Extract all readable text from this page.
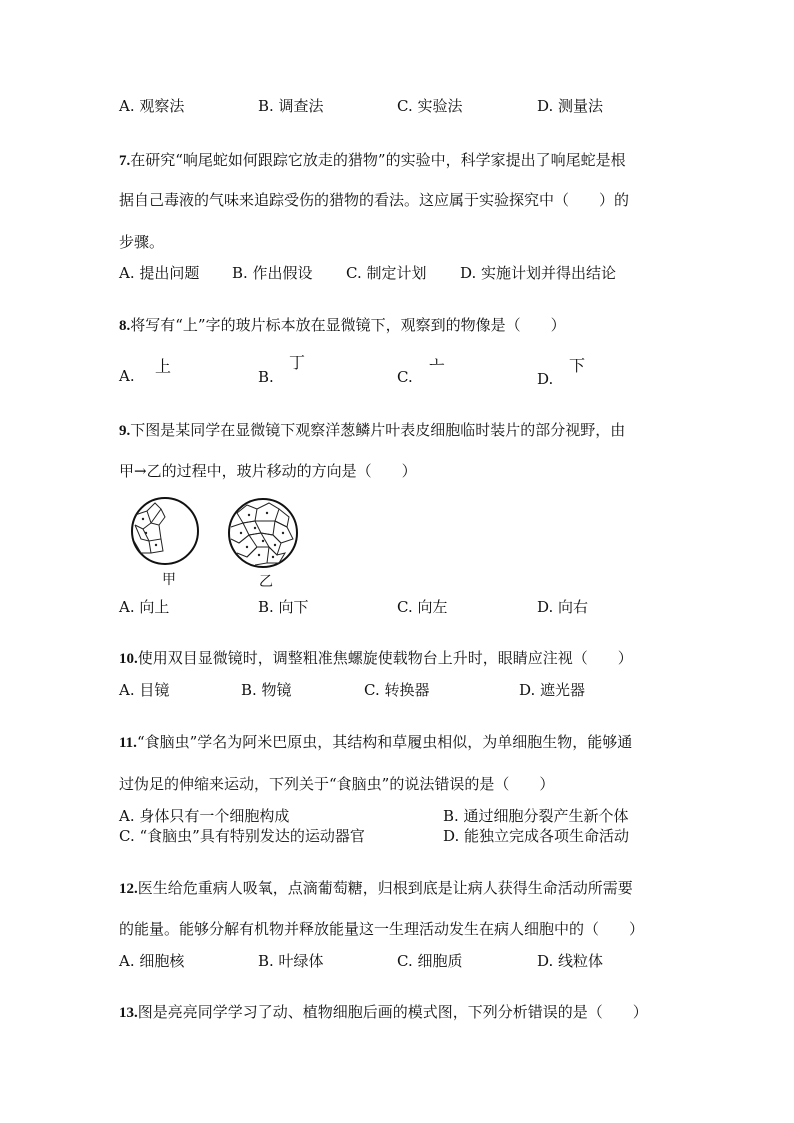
A. 观察法	B. 调查法	C. 实验法	D. 测量法
7.在研究“响尾蛇如何跟踪它放走的猎物”的实验中，科学家提出了响尾蛇是根
据自己毒液的气味来追踪受伤的猎物的看法。这应属于实验探究中（　　）的
步骤。
A. 提出问题 B. 作出假设 C. 制定计划 D. 实施计划并得出结论
8.将写有“上”字的玻片标本放在显微镜下，观察到的物像是（　　）
A. 上
B.
丁
C.
ㅗ
D.
下
9.下图是某同学在显微镜下观察洋葱鳞片叶表皮细胞临时装片的部分视野，由
甲→乙的过程中，玻片移动的方向是（　　）
甲	乙
A. 向上	B. 向下	C. 向左	D. 向右
10.使用双目显微镜时，调整粗准焦螺旋使载物台上升时，眼睛应注视（　　）
A. 目镜	B. 物镜	C. 转换器	D. 遮光器
11.“食脑虫”学名为阿米巴原虫，其结构和草履虫相似，为单细胞生物，能够通
过伪足的伸缩来运动，下列关于“食脑虫”的说法错误的是（　　）
A. 身体只有一个细胞构成	B. 通过细胞分裂产生新个体
C. “食脑虫”具有特别发达的运动器官	D. 能独立完成各项生命活动
12.医生给危重病人吸氧，点滴葡萄糖，归根到底是让病人获得生命活动所需要
的能量。能够分解有机物并释放能量这一生理活动发生在病人细胞中的（　　）
A. 细胞核	B. 叶绿体	C. 细胞质	D. 线粒体
13.图是亮亮同学学习了动、植物细胞后画的模式图，下列分析错误的是（　　）
